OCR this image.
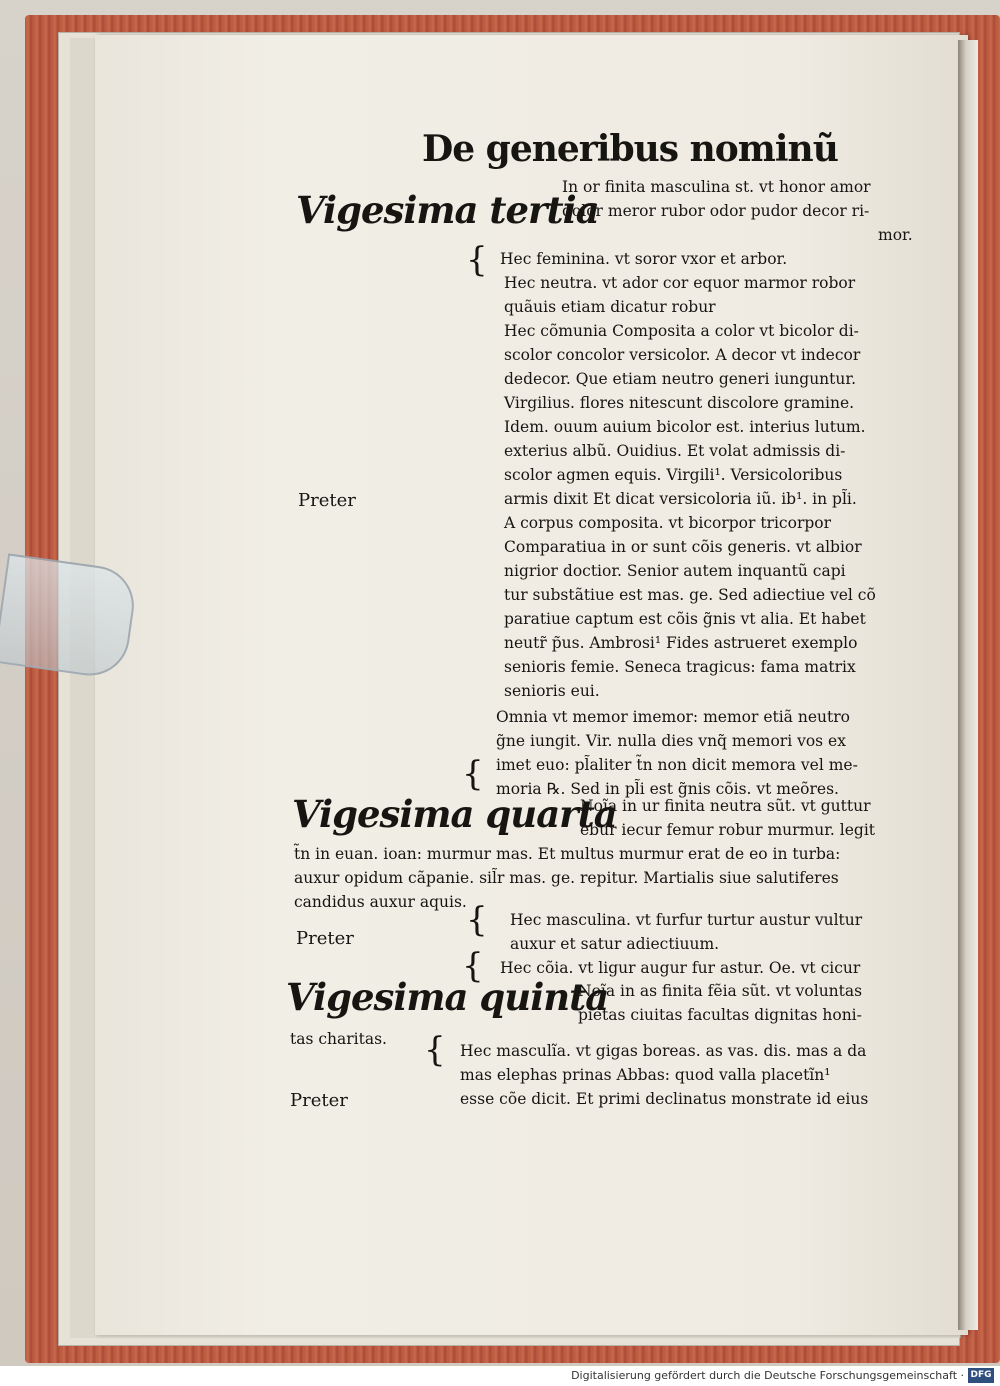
De generibus nominũ
Vigesima tertia
In or finita masculina st. vt honor amor
dolor meror rubor odor pudor decor ri-
mor.
{ Hec feminina. vt soror vxor et arbor.
Hec neutra. vt ador cor equor marmor robor
quãuis etiam dicatur robur
Hec cõmunia Composita a color vt bicolor di-
scolor concolor versicolor. A decor vt indecor
dedecor. Que etiam neutro generi iunguntur.
Virgilius. flores nitescunt discolore gramine.
Idem. ouum auium bicolor est. interius lutum.
exterius albũ. Ouidius. Et volat admissis di-
scolor agmen equis. Virgili¹. Versicoloribus
armis dixit Et dicat versicoloria iũ. ib¹. in pl̃i.
A corpus composita. vt bicorpor tricorpor
Comparatiua in or sunt cõis generis. vt albior
nigrior doctior. Senior autem inquantũ capi
tur substãtiue est mas. ge. Sed adiectiue vel cõ
paratiue captum est cõis g̃nis vt alia. Et habet
neutr̃ p̃us. Ambrosi¹ Fides astrueret exemplo
senioris femie. Seneca tragicus: fama matrix
senioris eui.
Preter
Omnia vt memor imemor: memor etiã neutro
g̃ne iungit. Vir. nulla dies vnq̃ memori vos ex
imet euo: pl̃aliter t̃n non dicit memora vel me-
{ moria ℞. Sed in pl̃i est g̃nis cõis. vt meõres.
Vigesima quarta
Noĩa in ur finita neutra sũt. vt guttur
ebur iecur femur robur murmur. legit
t̃n in euan. ioan: murmur mas. Et multus murmur erat de eo in turba:
auxur opidum cãpanie. sil̃r mas. ge. repitur. Martialis siue salutiferes
candidus auxur aquis. { Hec masculina. vt furfur turtur austur vultur
auxur et satur adiectiuum.
Preter
{ Hec cõia. vt ligur augur fur astur. Oe. vt cicur
Vigesima quinta
Noĩa in as finita fẽia sũt. vt voluntas
pietas ciuitas facultas dignitas honi-
tas charitas. { Hec masculĩa. vt gigas boreas. as vas. dis. mas a da
mas elephas prinas Abbas: quod valla placetĩn¹
esse cõe dicit. Et primi declinatus monstrate id eius
Preter
Digitalisierung gefördert durch die Deutsche Forschungsgemeinschaft · DFG
